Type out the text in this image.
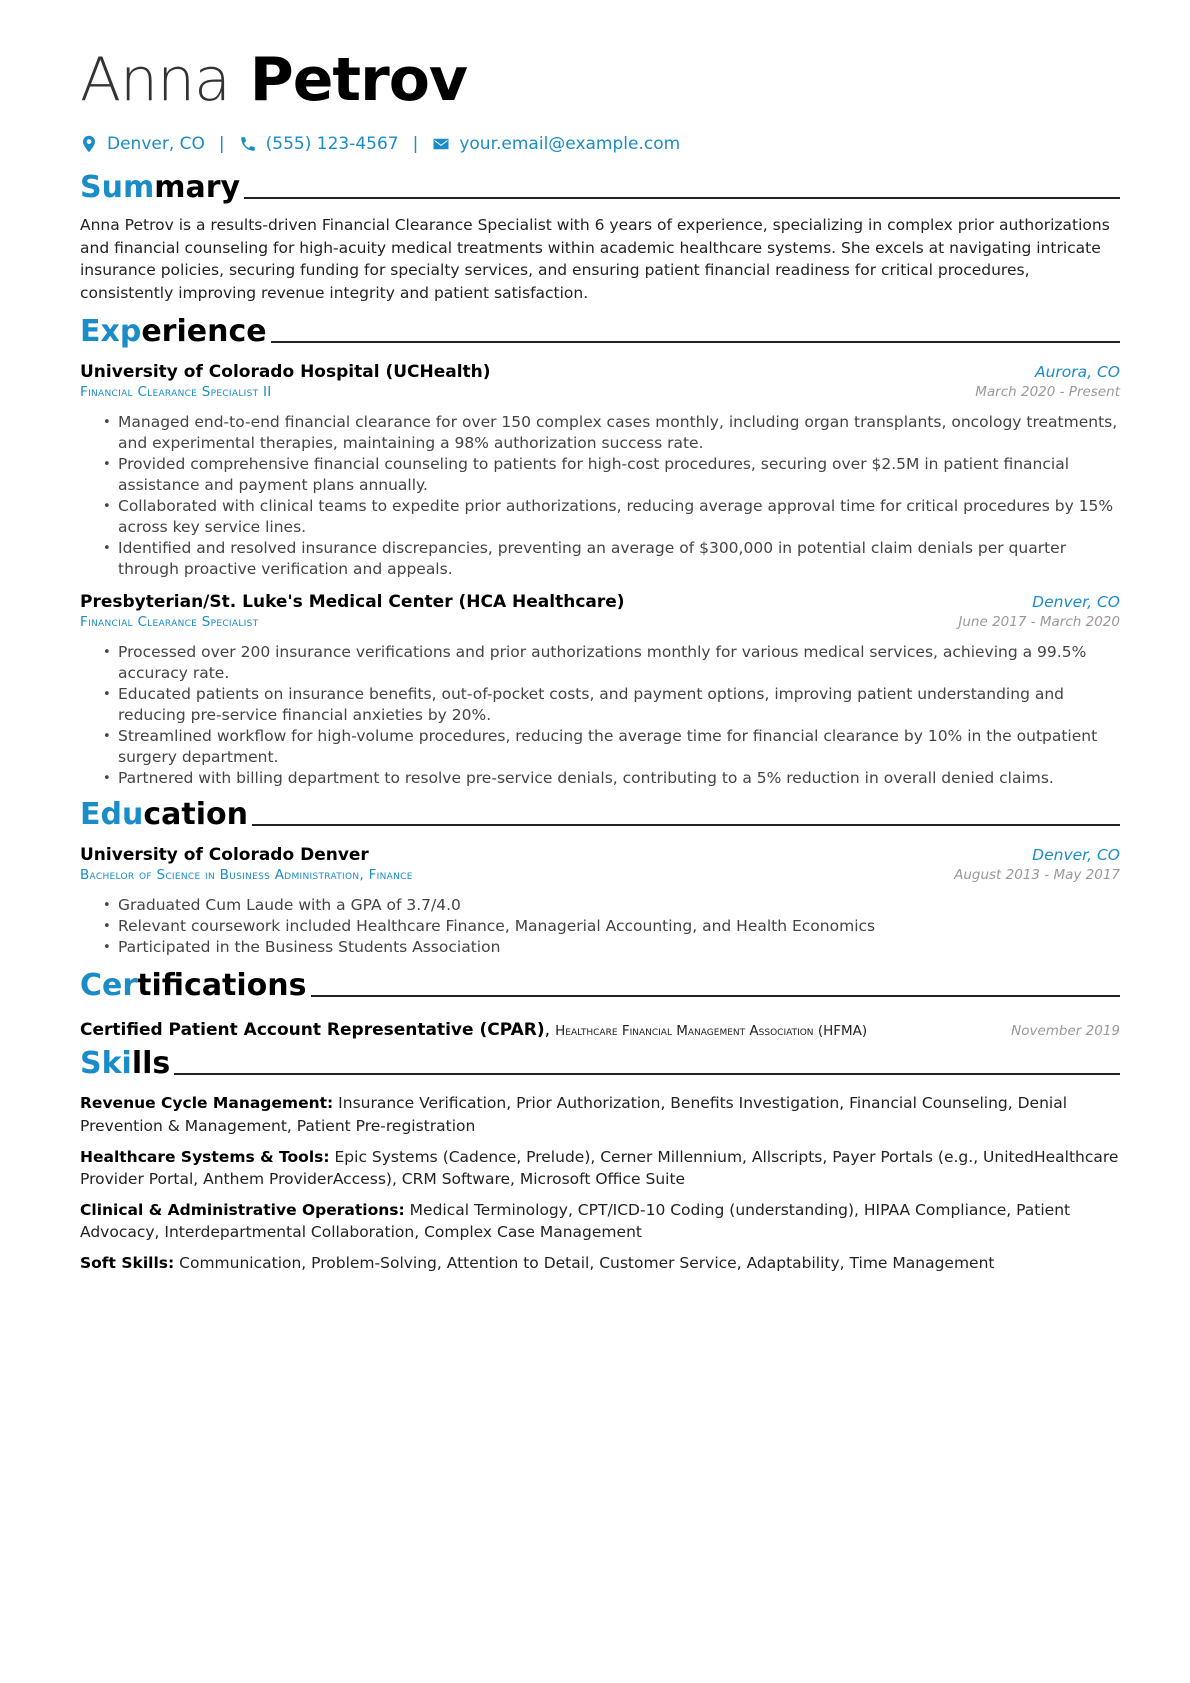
Anna Petrov
Denver, CO | (555) 123-4567 | your.email@example.com
Summary

Anna Petrov is a results-driven Financial Clearance Specialist with 6 years of experience, specializing in complex prior authorizations and financial counseling for high-acuity medical treatments within academic healthcare systems. She excels at navigating intricate insurance policies, securing funding for specialty services, and ensuring patient financial readiness for critical procedures, consistently improving revenue integrity and patient satisfaction.

Experience
University of Colorado Hospital (UCHealth)	Aurora, CO
Financial Clearance Specialist II	March 2020 - Present
• Managed end-to-end financial clearance for over 150 complex cases monthly, including organ transplants, oncology treatments, and experimental therapies, maintaining a 98% authorization success rate.
• Provided comprehensive financial counseling to patients for high-cost procedures, securing over $2.5M in patient financial assistance and payment plans annually.
• Collaborated with clinical teams to expedite prior authorizations, reducing average approval time for critical procedures by 15% across key service lines.
• Identified and resolved insurance discrepancies, preventing an average of $300,000 in potential claim denials per quarter through proactive verification and appeals.
Presbyterian/St. Luke's Medical Center (HCA Healthcare)	Denver, CO
Financial Clearance Specialist	June 2017 - March 2020
• Processed over 200 insurance verifications and prior authorizations monthly for various medical services, achieving a 99.5% accuracy rate.
• Educated patients on insurance benefits, out-of-pocket costs, and payment options, improving patient understanding and reducing pre-service financial anxieties by 20%.
• Streamlined workflow for high-volume procedures, reducing the average time for financial clearance by 10% in the outpatient surgery department.
• Partnered with billing department to resolve pre-service denials, contributing to a 5% reduction in overall denied claims.
Education
University of Colorado Denver	Denver, CO
Bachelor of Science in Business Administration, Finance	August 2013 - May 2017
• Graduated Cum Laude with a GPA of 3.7/4.0
• Relevant coursework included Healthcare Finance, Managerial Accounting, and Health Economics
• Participated in the Business Students Association
Certifications
Certified Patient Account Representative (CPAR), Healthcare Financial Management Association (HFMA)	November 2019
Skills
Revenue Cycle Management: Insurance Verification, Prior Authorization, Benefits Investigation, Financial Counseling, Denial Prevention & Management, Patient Pre-registration
Healthcare Systems & Tools: Epic Systems (Cadence, Prelude), Cerner Millennium, Allscripts, Payer Portals (e.g., UnitedHealthcare Provider Portal, Anthem ProviderAccess), CRM Software, Microsoft Office Suite
Clinical & Administrative Operations: Medical Terminology, CPT/ICD-10 Coding (understanding), HIPAA Compliance, Patient Advocacy, Interdepartmental Collaboration, Complex Case Management
Soft Skills: Communication, Problem-Solving, Attention to Detail, Customer Service, Adaptability, Time Management
